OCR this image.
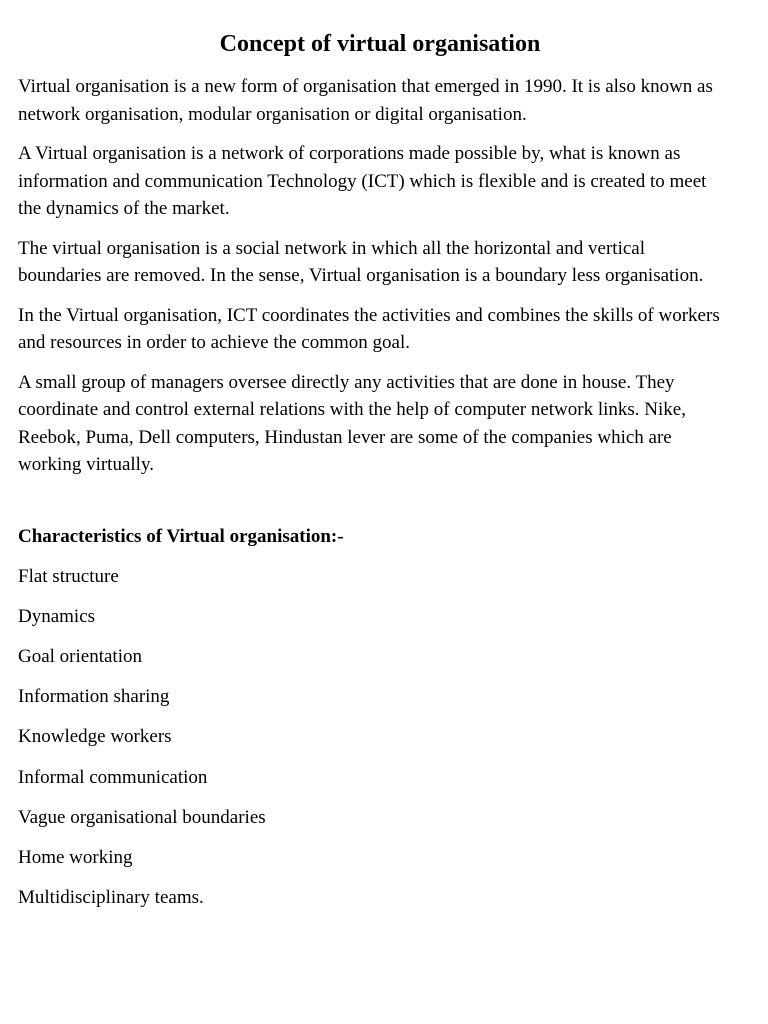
Concept of virtual organisation

Virtual organisation is a new form of organisation that emerged in 1990. It is also known as network organisation, modular organisation or digital organisation.

A Virtual organisation is a network of corporations made possible by, what is known as information and communication Technology (ICT) which is flexible and is created to meet the dynamics of the market.

The virtual organisation is a social network in which all the horizontal and vertical boundaries are removed. In the sense, Virtual organisation is a boundary less organisation.

In the Virtual organisation, ICT coordinates the activities and combines the skills of workers and resources in order to achieve the common goal.

A small group of managers oversee directly any activities that are done in house. They coordinate and control external relations with the help of computer network links. Nike, Reebok, Puma, Dell computers, Hindustan lever are some of the companies which are working virtually.

Characteristics of Virtual organisation:-
Flat structure
Dynamics
Goal orientation
Information sharing
Knowledge workers
Informal communication
Vague organisational boundaries
Home working
Multidisciplinary teams.
